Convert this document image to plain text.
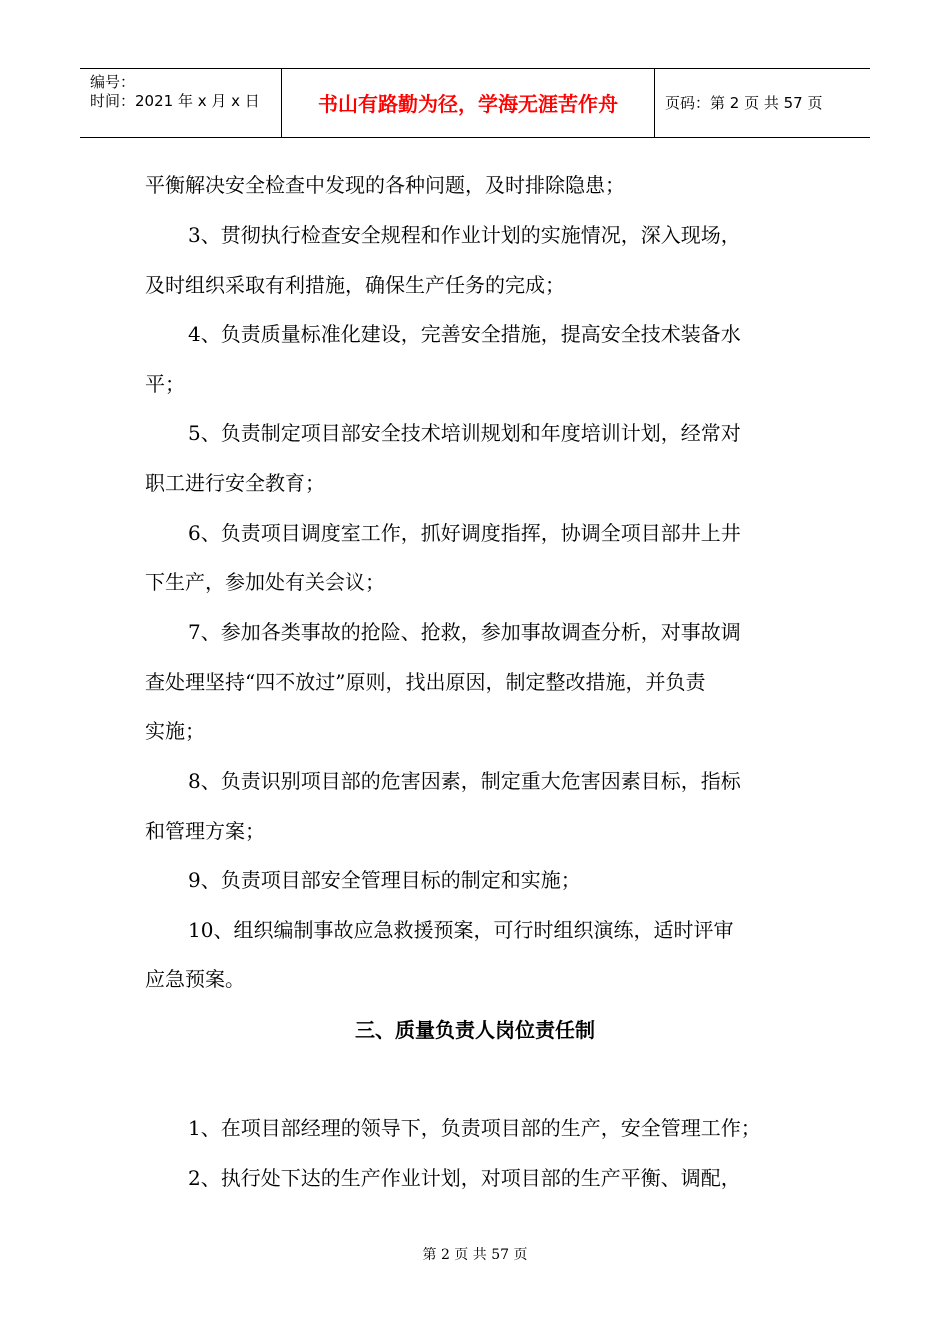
编号：
时间：2021 年 x 月 x 日	书山有路勤为径，学海无涯苦作舟	页码：第 2 页 共 57 页
平衡解决安全检查中发现的各种问题，及时排除隐患；
3、贯彻执行检查安全规程和作业计划的实施情况，深入现场，
及时组织采取有利措施，确保生产任务的完成；
4、负责质量标准化建设，完善安全措施，提高安全技术装备水
平；
5、负责制定项目部安全技术培训规划和年度培训计划，经常对
职工进行安全教育；
6、负责项目调度室工作，抓好调度指挥，协调全项目部井上井
下生产，参加处有关会议；
7、参加各类事故的抢险、抢救，参加事故调查分析，对事故调
查处理坚持“四不放过”原则，找出原因，制定整改措施，并负责
实施；
8、负责识别项目部的危害因素，制定重大危害因素目标，指标
和管理方案；
9、负责项目部安全管理目标的制定和实施；
10、组织编制事故应急救援预案，可行时组织演练，适时评审
应急预案。
三、质量负责人岗位责任制
1、在项目部经理的领导下，负责项目部的生产，安全管理工作；
2、执行处下达的生产作业计划，对项目部的生产平衡、调配，
第 2 页 共 57 页
